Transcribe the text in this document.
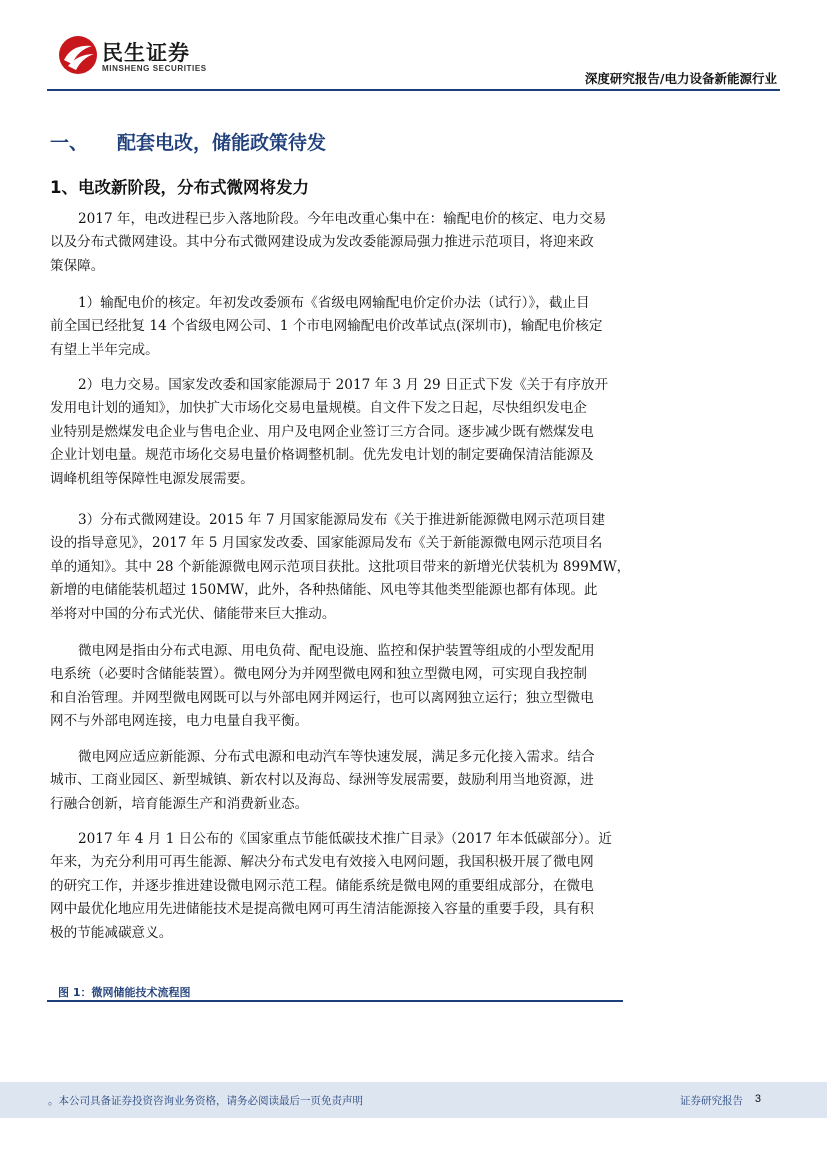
民生证券
MINSHENG SECURITIES
深度研究报告/电力设备新能源行业
一、 配套电改，储能政策待发
1、电改新阶段，分布式微网将发力
2017 年，电改进程已步入落地阶段。今年电改重心集中在：输配电价的核定、电力交易
以及分布式微网建设。其中分布式微网建设成为发改委能源局强力推进示范项目，将迎来政
策保障。
1）输配电价的核定。年初发改委颁布《省级电网输配电价定价办法（试行）》，截止目
前全国已经批复 14 个省级电网公司、1 个市电网输配电价改革试点(深圳市)，输配电价核定
有望上半年完成。
2）电力交易。国家发改委和国家能源局于 2017 年 3 月 29 日正式下发《关于有序放开
发用电计划的通知》，加快扩大市场化交易电量规模。自文件下发之日起，尽快组织发电企
业特别是燃煤发电企业与售电企业、用户及电网企业签订三方合同。逐步减少既有燃煤发电
企业计划电量。规范市场化交易电量价格调整机制。优先发电计划的制定要确保清洁能源及
调峰机组等保障性电源发展需要。
3）分布式微网建设。2015 年 7 月国家能源局发布《关于推进新能源微电网示范项目建
设的指导意见》，2017 年 5 月国家发改委、国家能源局发布《关于新能源微电网示范项目名
单的通知》。其中 28 个新能源微电网示范项目获批。这批项目带来的新增光伏装机为 899MW，
新增的电储能装机超过 150MW，此外，各种热储能、风电等其他类型能源也都有体现。此
举将对中国的分布式光伏、储能带来巨大推动。
微电网是指由分布式电源、用电负荷、配电设施、监控和保护装置等组成的小型发配用
电系统（必要时含储能装置）。微电网分为并网型微电网和独立型微电网，可实现自我控制
和自治管理。并网型微电网既可以与外部电网并网运行，也可以离网独立运行；独立型微电
网不与外部电网连接，电力电量自我平衡。
微电网应适应新能源、分布式电源和电动汽车等快速发展，满足多元化接入需求。结合
城市、工商业园区、新型城镇、新农村以及海岛、绿洲等发展需要，鼓励利用当地资源，进
行融合创新，培育能源生产和消费新业态。
2017 年 4 月 1 日公布的《国家重点节能低碳技术推广目录》（2017 年本低碳部分）。近
年来，为充分利用可再生能源、解决分布式发电有效接入电网问题，我国积极开展了微电网
的研究工作，并逐步推进建设微电网示范工程。储能系统是微电网的重要组成部分，在微电
网中最优化地应用先进储能技术是提高微电网可再生清洁能源接入容量的重要手段，具有积
极的节能减碳意义。
图 1：微网储能技术流程图
。本公司具备证券投资咨询业务资格，请务必阅读最后一页免责声明	证券研究报告 3
